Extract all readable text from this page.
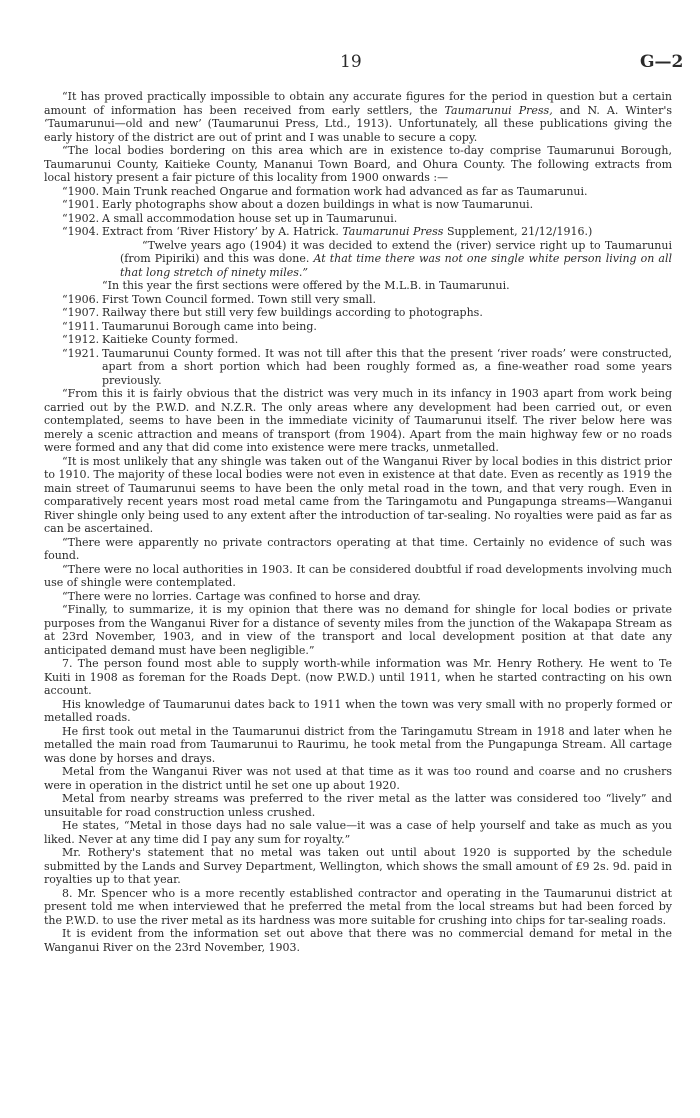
19	G—2

“It has proved practically impossible to obtain any accurate figures for the period in question but a certain amount of information has been received from early settlers, the Taumarunui Press, and N. A. Winter's ‘Taumarunui—old and new’ (Taumarunui Press, Ltd., 1913). Unfortunately, all these publications giving the early history of the district are out of print and I was unable to secure a copy.

“The local bodies bordering on this area which are in existence to-day comprise Taumarunui Borough, Taumarunui County, Kaitieke County, Mananui Town Board, and Ohura County. The following extracts from local history present a fair picture of this locality from 1900 onwards :—

“1900. Main Trunk reached Ongarue and formation work had advanced as far as Taumarunui.
“1901. Early photographs show about a dozen buildings in what is now Taumarunui.
“1902. A small accommodation house set up in Taumarunui.
“1904. Extract from ‘River History’ by A. Hatrick. Taumarunui Press Supplement, 21/12/1916.)

“Twelve years ago (1904) it was decided to extend the (river) service right up to Taumarunui (from Pipiriki) and this was done. At that time there was not one single white person living on all that long stretch of ninety miles.”

“In this year the first sections were offered by the M.L.B. in Taumarunui.

“1906. First Town Council formed. Town still very small.
“1907. Railway there but still very few buildings according to photographs.
“1911. Taumarunui Borough came into being.
“1912. Kaitieke County formed.
“1921. Taumarunui County formed. It was not till after this that the present ‘river roads’ were constructed, apart from a short portion which had been roughly formed as, a fine-weather road some years previously.

“From this it is fairly obvious that the district was very much in its infancy in 1903 apart from work being carried out by the P.W.D. and N.Z.R. The only areas where any development had been carried out, or even contemplated, seems to have been in the immediate vicinity of Taumarunui itself. The river below here was merely a scenic attraction and means of transport (from 1904). Apart from the main highway few or no roads were formed and any that did come into existence were mere tracks, unmetalled.

“It is most unlikely that any shingle was taken out of the Wanganui River by local bodies in this district prior to 1910. The majority of these local bodies were not even in existence at that date. Even as recently as 1919 the main street of Taumarunui seems to have been the only metal road in the town, and that very rough. Even in comparatively recent years most road metal came from the Taringamotu and Pungapunga streams—Wanganui River shingle only being used to any extent after the introduction of tar-sealing. No royalties were paid as far as can be ascertained.

“There were apparently no private contractors operating at that time. Certainly no evidence of such was found.

“There were no local authorities in 1903. It can be considered doubtful if road developments involving much use of shingle were contemplated.

“There were no lorries. Cartage was confined to horse and dray.

“Finally, to summarize, it is my opinion that there was no demand for shingle for local bodies or private purposes from the Wanganui River for a distance of seventy miles from the junction of the Wakapapa Stream as at 23rd November, 1903, and in view of the transport and local development position at that date any anticipated demand must have been negligible.”

7. The person found most able to supply worth-while information was Mr. Henry Rothery. He went to Te Kuiti in 1908 as foreman for the Roads Dept. (now P.W.D.) until 1911, when he started contracting on his own account.

His knowledge of Taumarunui dates back to 1911 when the town was very small with no properly formed or metalled roads.

He first took out metal in the Taumarunui district from the Taringamutu Stream in 1918 and later when he metalled the main road from Taumarunui to Raurimu, he took metal from the Pungapunga Stream. All cartage was done by horses and drays.

Metal from the Wanganui River was not used at that time as it was too round and coarse and no crushers were in operation in the district until he set one up about 1920.

Metal from nearby streams was preferred to the river metal as the latter was considered too “lively” and unsuitable for road construction unless crushed.

He states, “Metal in those days had no sale value—it was a case of help yourself and take as much as you liked. Never at any time did I pay any sum for royalty.”

Mr. Rothery's statement that no metal was taken out until about 1920 is supported by the schedule submitted by the Lands and Survey Department, Wellington, which shows the small amount of £9 2s. 9d. paid in royalties up to that year.

8. Mr. Spencer who is a more recently established contractor and operating in the Taumarunui district at present told me when interviewed that he preferred the metal from the local streams but had been forced by the P.W.D. to use the river metal as its hardness was more suitable for crushing into chips for tar-sealing roads.

It is evident from the information set out above that there was no commercial demand for metal in the Wanganui River on the 23rd November, 1903.
